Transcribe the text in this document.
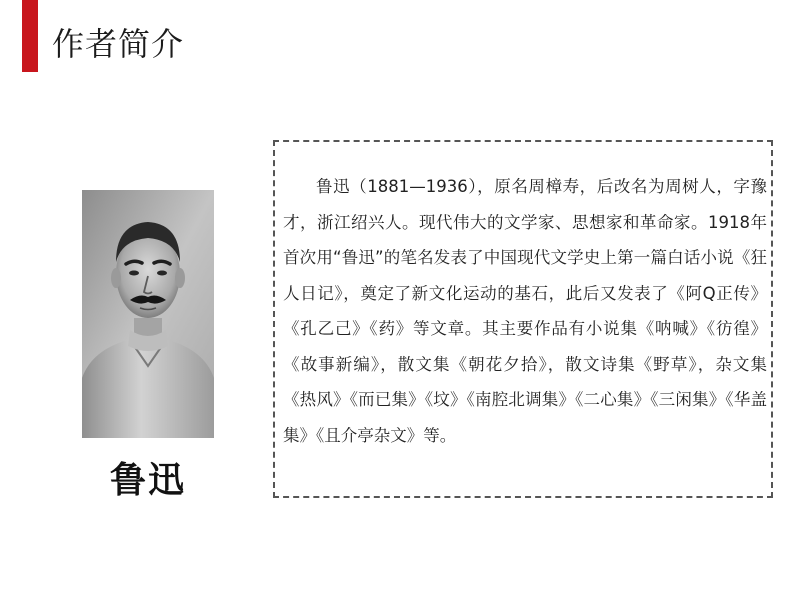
作者简介
鲁迅

鲁迅（1881—1936），原名周樟寿，后改名为周树人，字豫才，浙江绍兴人。现代伟大的文学家、思想家和革命家。1918年首次用“鲁迅”的笔名发表了中国现代文学史上第一篇白话小说《狂人日记》，奠定了新文化运动的基石，此后又发表了《阿Q正传》《孔乙己》《药》等文章。其主要作品有小说集《呐喊》《彷徨》《故事新编》，散文集《朝花夕拾》，散文诗集《野草》，杂文集《热风》《而已集》《坟》《南腔北调集》《二心集》《三闲集》《华盖集》《且介亭杂文》等。
